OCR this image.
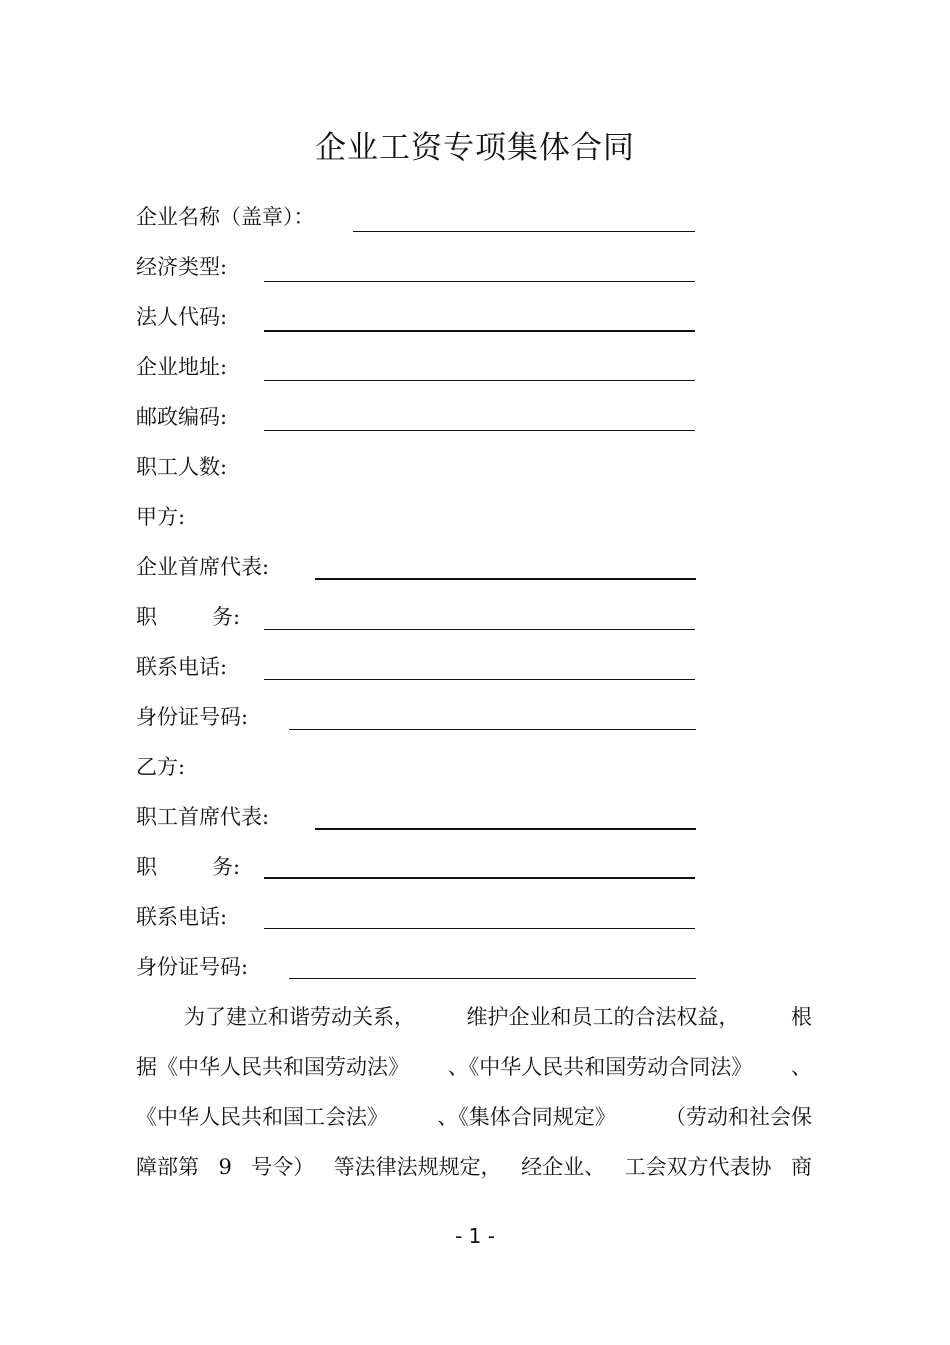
企业工资专项集体合同
企业名称（盖章）：
经济类型:
法人代码:
企业地址:
邮政编码:
职工人数:
甲方:
企业首席代表:
职	务:
联系电话:
身份证号码:
乙方:
职工首席代表:
职	务:
联系电话:
身份证号码:
为了建立和谐劳动关系， 维护企业和员工的合法权益， 根
据《中华人民共和国劳动法》 、《中华人民共和国劳动合同法》 、
《中华人民共和国工会法》 、《集体合同规定》 （劳动和社会保
障部第 9 号令） 等法律法规规定， 经企业、 工会双方代表协 商
- 1 -
